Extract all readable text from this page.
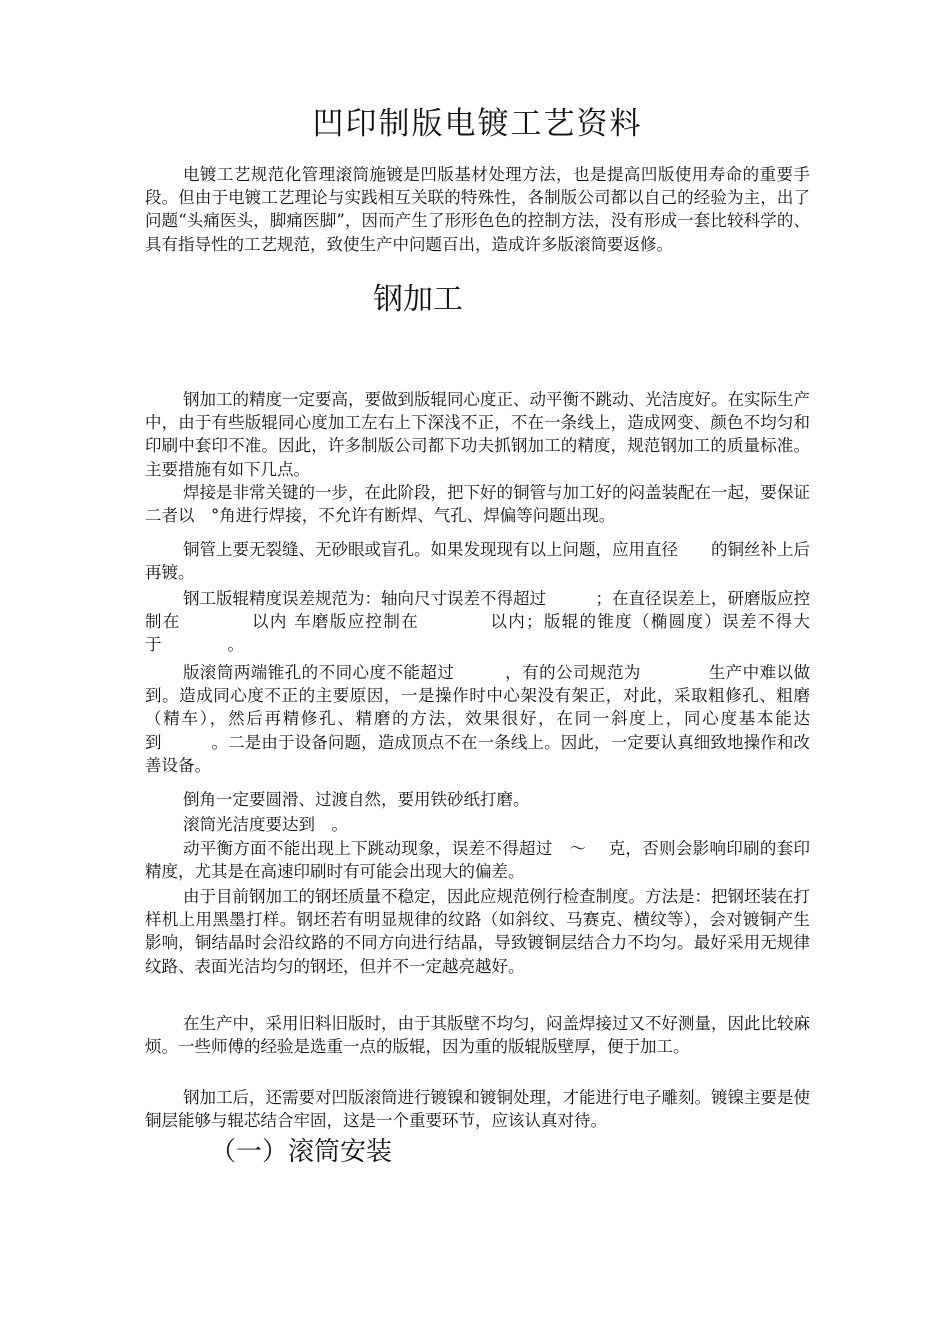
凹印制版电镀工艺资料

电镀工艺规范化管理滚筒施镀是凹版基材处理方法，也是提高凹版使用寿命的重要手段。但由于电镀工艺理论与实践相互关联的特殊性，各制版公司都以自己的经验为主，出了问题“头痛医头，脚痛医脚”，因而产生了形形色色的控制方法，没有形成一套比较科学的、具有指导性的工艺规范，致使生产中问题百出，造成许多版滚筒要返修。

钢加工

钢加工的精度一定要高，要做到版辊同心度正、动平衡不跳动、光洁度好。在实际生产中，由于有些版辊同心度加工左右上下深浅不正，不在一条线上，造成网变、颜色不均匀和印刷中套印不准。因此，许多制版公司都下功夫抓钢加工的精度，规范钢加工的质量标准。主要措施有如下几点。

焊接是非常关键的一步，在此阶段，把下好的铜管与加工好的闷盖装配在一起，要保证二者以　°角进行焊接，不允许有断焊、气孔、焊偏等问题出现。

铜管上要无裂缝、无砂眼或盲孔。如果发现现有以上问题，应用直径　　的铜丝补上后再镀。

钢工版辊精度误差规范为：轴向尺寸误差不得超过　　　；在直径误差上，研磨版应控制在　　　　以内 车磨版应控制在　　　　以内；版辊的锥度（椭圆度）误差不得大于　　　　。

版滚筒两端锥孔的不同心度不能超过　　　，有的公司规范为　　　　生产中难以做到。造成同心度不正的主要原因，一是操作时中心架没有架正，对此，采取粗修孔、粗磨（精车），然后再精修孔、精磨的方法，效果很好，在同一斜度上，同心度基本能达到　　　。二是由于设备问题，造成顶点不在一条线上。因此，一定要认真细致地操作和改善设备。

倒角一定要圆滑、过渡自然，要用铁砂纸打磨。

滚筒光洁度要达到　。

动平衡方面不能出现上下跳动现象，误差不得超过　～　 克，否则会影响印刷的套印精度，尤其是在高速印刷时有可能会出现大的偏差。

由于目前钢加工的钢坯质量不稳定，因此应规范例行检查制度。方法是：把钢坯装在打样机上用黑墨打样。钢坯若有明显规律的纹路（如斜纹、马赛克、横纹等），会对镀铜产生影响，铜结晶时会沿纹路的不同方向进行结晶，导致镀铜层结合力不均匀。最好采用无规律纹路、表面光洁均匀的钢坯，但并不一定越亮越好。

在生产中，采用旧料旧版时，由于其版壁不均匀，闷盖焊接过又不好测量，因此比较麻烦。一些师傅的经验是选重一点的版辊，因为重的版辊版壁厚，便于加工。

钢加工后，还需要对凹版滚筒进行镀镍和镀铜处理，才能进行电子雕刻。镀镍主要是使铜层能够与辊芯结合牢固，这是一个重要环节，应该认真对待。

（一）滚筒安装
